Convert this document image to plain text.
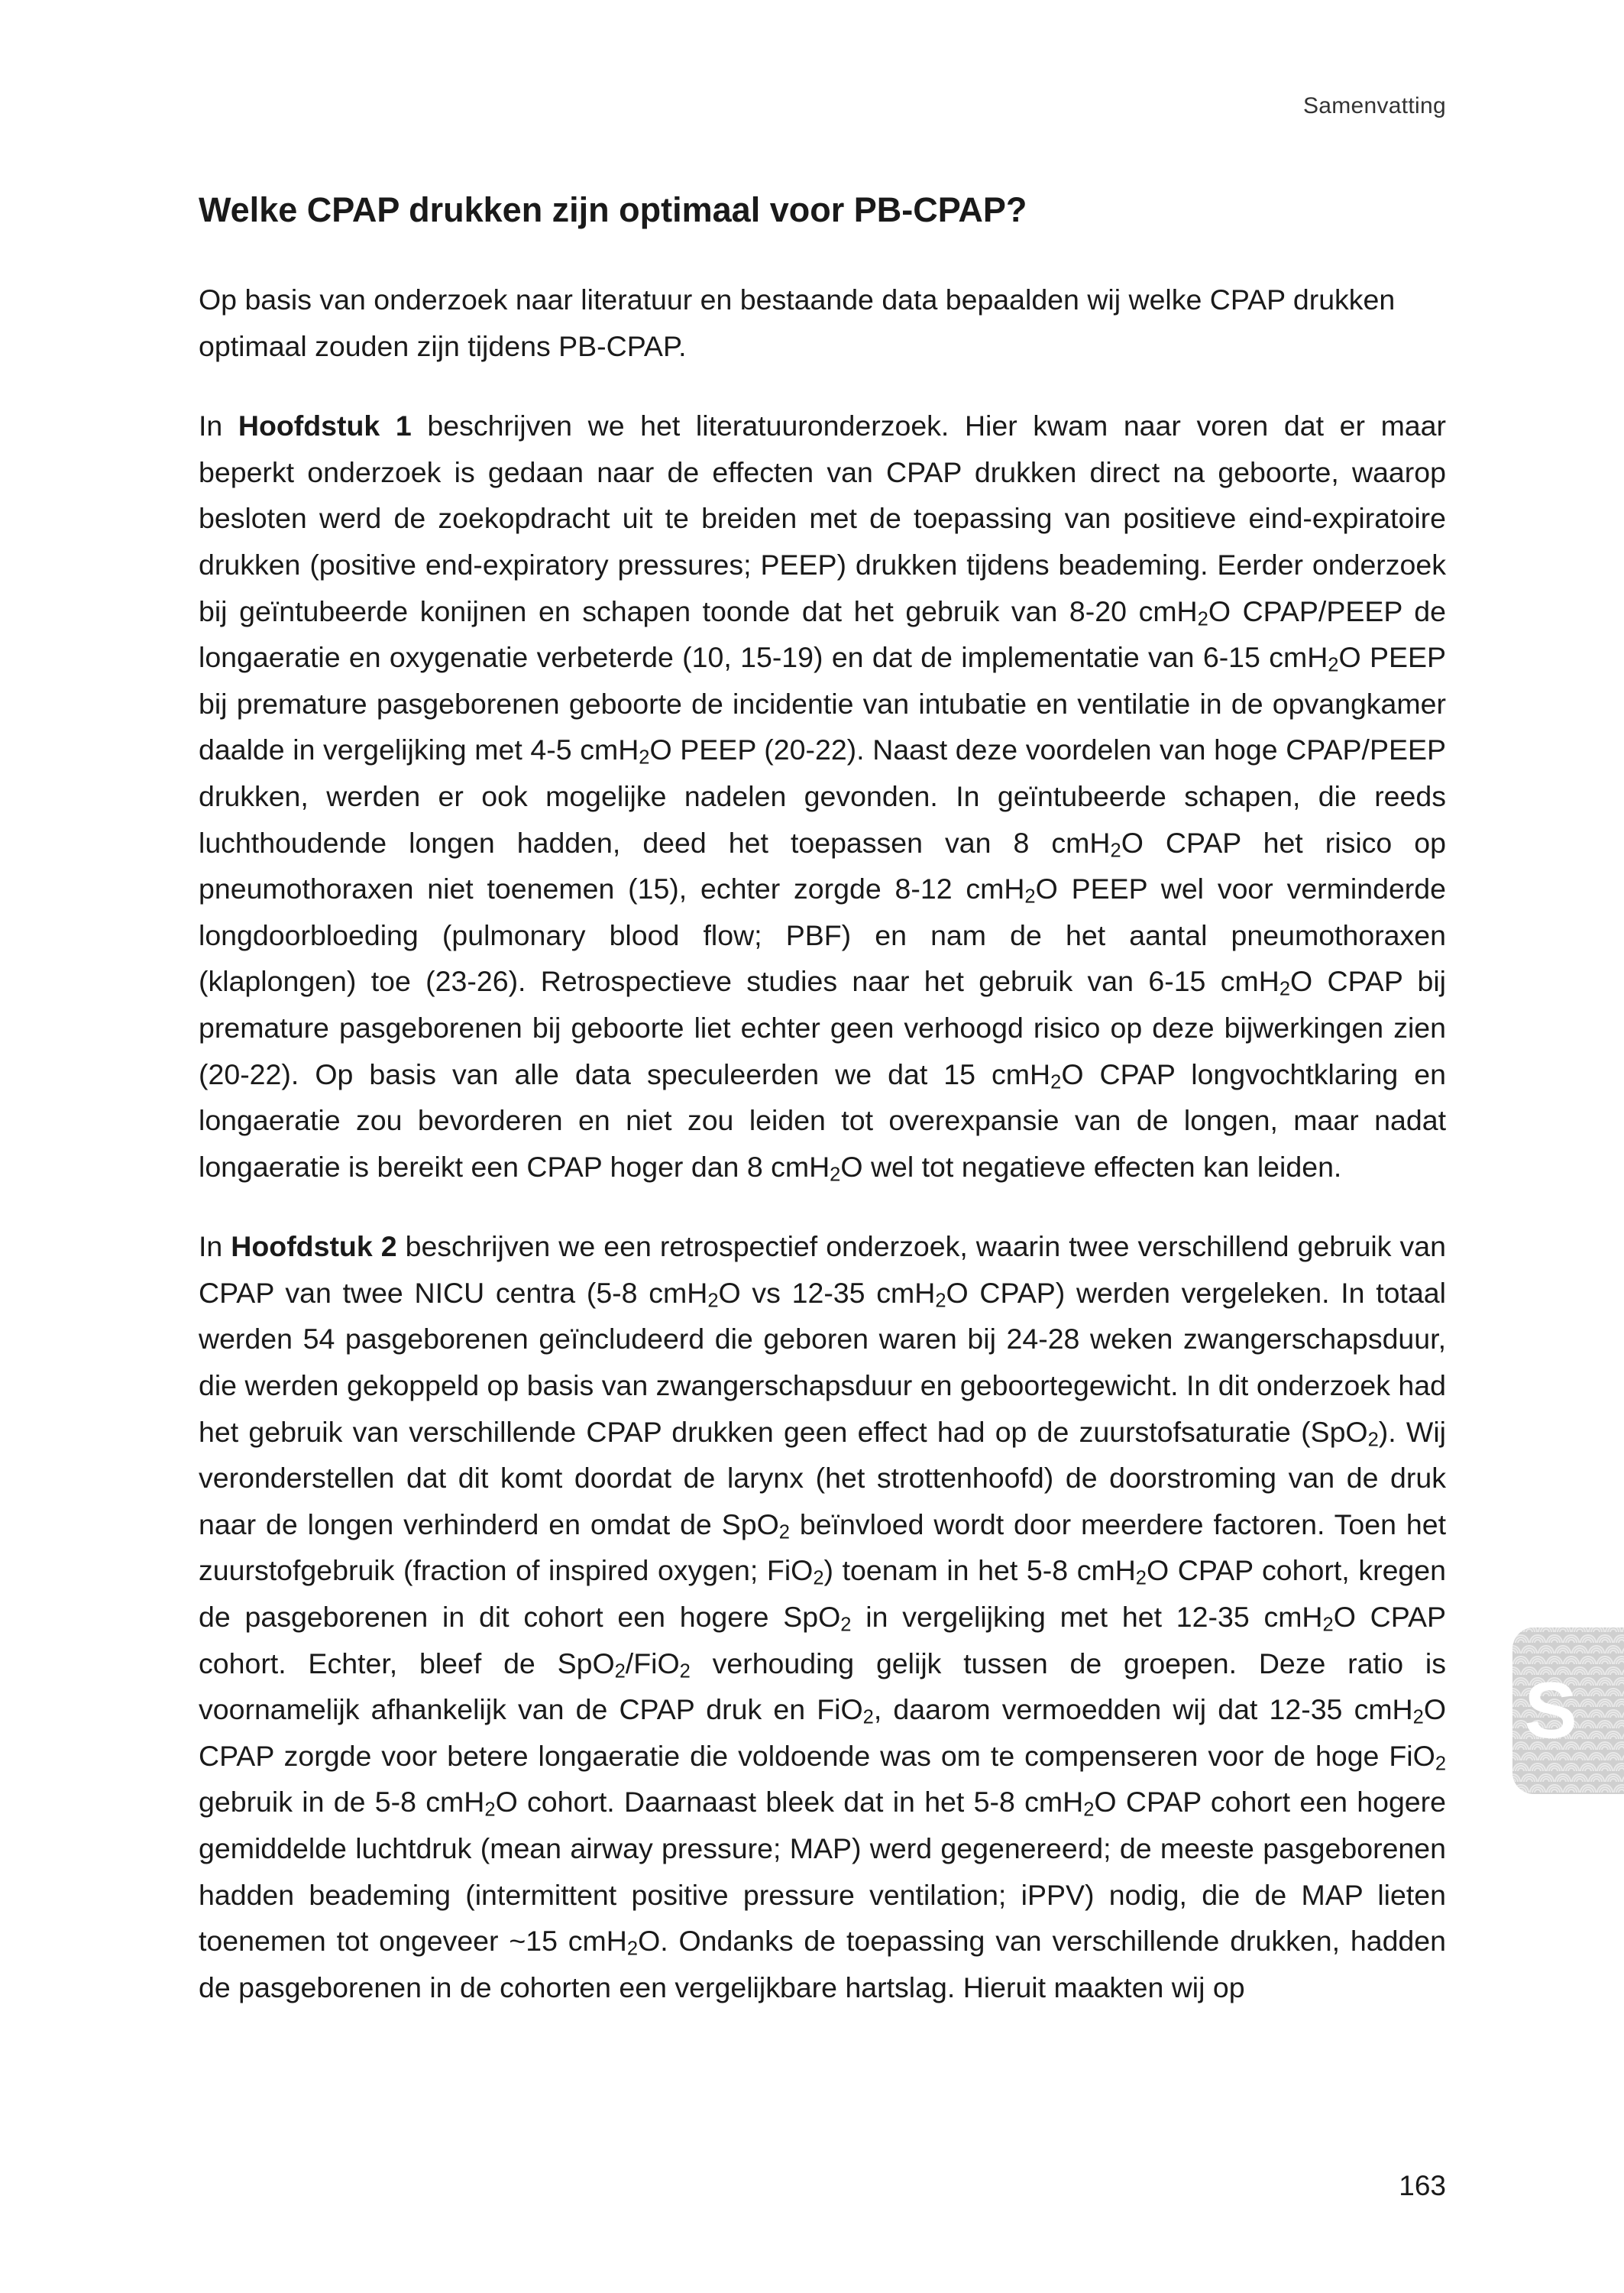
Samenvatting
Welke CPAP drukken zijn optimaal voor PB-CPAP?

Op basis van onderzoek naar literatuur en bestaande data bepaalden wij welke CPAP drukken optimaal zouden zijn tijdens PB-CPAP.

In Hoofdstuk 1 beschrijven we het literatuuronderzoek. Hier kwam naar voren dat er maar beperkt onderzoek is gedaan naar de effecten van CPAP drukken direct na geboorte, waarop besloten werd de zoekopdracht uit te breiden met de toepassing van positieve eind-expiratoire drukken (positive end-expiratory pressures; PEEP) drukken tijdens beademing. Eerder onderzoek bij geïntubeerde konijnen en schapen toonde dat het gebruik van 8-20 cmH$_2$O CPAP/PEEP de longaeratie en oxygenatie verbeterde (10, 15-19) en dat de implementatie van 6-15 cmH$_2$O PEEP bij premature pasgeborenen geboorte de incidentie van intubatie en ventilatie in de opvangkamer daalde in vergelijking met 4-5 cmH$_2$O PEEP (20-22). Naast deze voordelen van hoge CPAP/PEEP drukken, werden er ook mogelijke nadelen gevonden. In geïntubeerde schapen, die reeds luchthoudende longen hadden, deed het toepassen van 8 cmH$_2$O CPAP het risico op pneumothoraxen niet toenemen (15), echter zorgde 8-12 cmH$_2$O PEEP wel voor verminderde longdoorbloeding (pulmonary blood flow; PBF) en nam de het aantal pneumothoraxen (klaplongen) toe (23-26). Retrospectieve studies naar het gebruik van 6-15 cmH$_2$O CPAP bij premature pasgeborenen bij geboorte liet echter geen verhoogd risico op deze bijwerkingen zien (20-22). Op basis van alle data speculeerden we dat 15 cmH$_2$O CPAP longvochtklaring en longaeratie zou bevorderen en niet zou leiden tot overexpansie van de longen, maar nadat longaeratie is bereikt een CPAP hoger dan 8 cmH$_2$O wel tot negatieve effecten kan leiden.

In Hoofdstuk 2 beschrijven we een retrospectief onderzoek, waarin twee verschillend gebruik van CPAP van twee NICU centra (5-8 cmH$_2$O vs 12-35 cmH$_2$O CPAP) werden vergeleken. In totaal werden 54 pasgeborenen geïncludeerd die geboren waren bij 24-28 weken zwangerschapsduur, die werden gekoppeld op basis van zwangerschapsduur en geboortegewicht. In dit onderzoek had het gebruik van verschillende CPAP drukken geen effect had op de zuurstofsaturatie (SpO$_2$). Wij veronderstellen dat dit komt doordat de larynx (het strottenhoofd) de doorstroming van de druk naar de longen verhinderd en omdat de SpO$_2$ beïnvloed wordt door meerdere factoren. Toen het zuurstofgebruik (fraction of inspired oxygen; FiO$_2$) toenam in het 5-8 cmH$_2$O CPAP cohort, kregen de pasgeborenen in dit cohort een hogere SpO$_2$ in vergelijking met het 12-35 cmH$_2$O CPAP cohort. Echter, bleef de SpO$_2$/FiO$_2$ verhouding gelijk tussen de groepen. Deze ratio is voornamelijk afhankelijk van de CPAP druk en FiO$_2$, daarom vermoedden wij dat 12-35 cmH$_2$O CPAP zorgde voor betere longaeratie die voldoende was om te compenseren voor de hoge FiO$_2$ gebruik in de 5-8 cmH$_2$O cohort. Daarnaast bleek dat in het 5-8 cmH$_2$O CPAP cohort een hogere gemiddelde luchtdruk (mean airway pressure; MAP) werd gegenereerd; de meeste pasgeborenen hadden beademing (intermittent positive pressure ventilation; iPPV) nodig, die de MAP lieten toenemen tot ongeveer ~15 cmH$_2$O. Ondanks de toepassing van verschillende drukken, hadden de pasgeborenen in de cohorten een vergelijkbare hartslag. Hieruit maakten wij op

S
163
